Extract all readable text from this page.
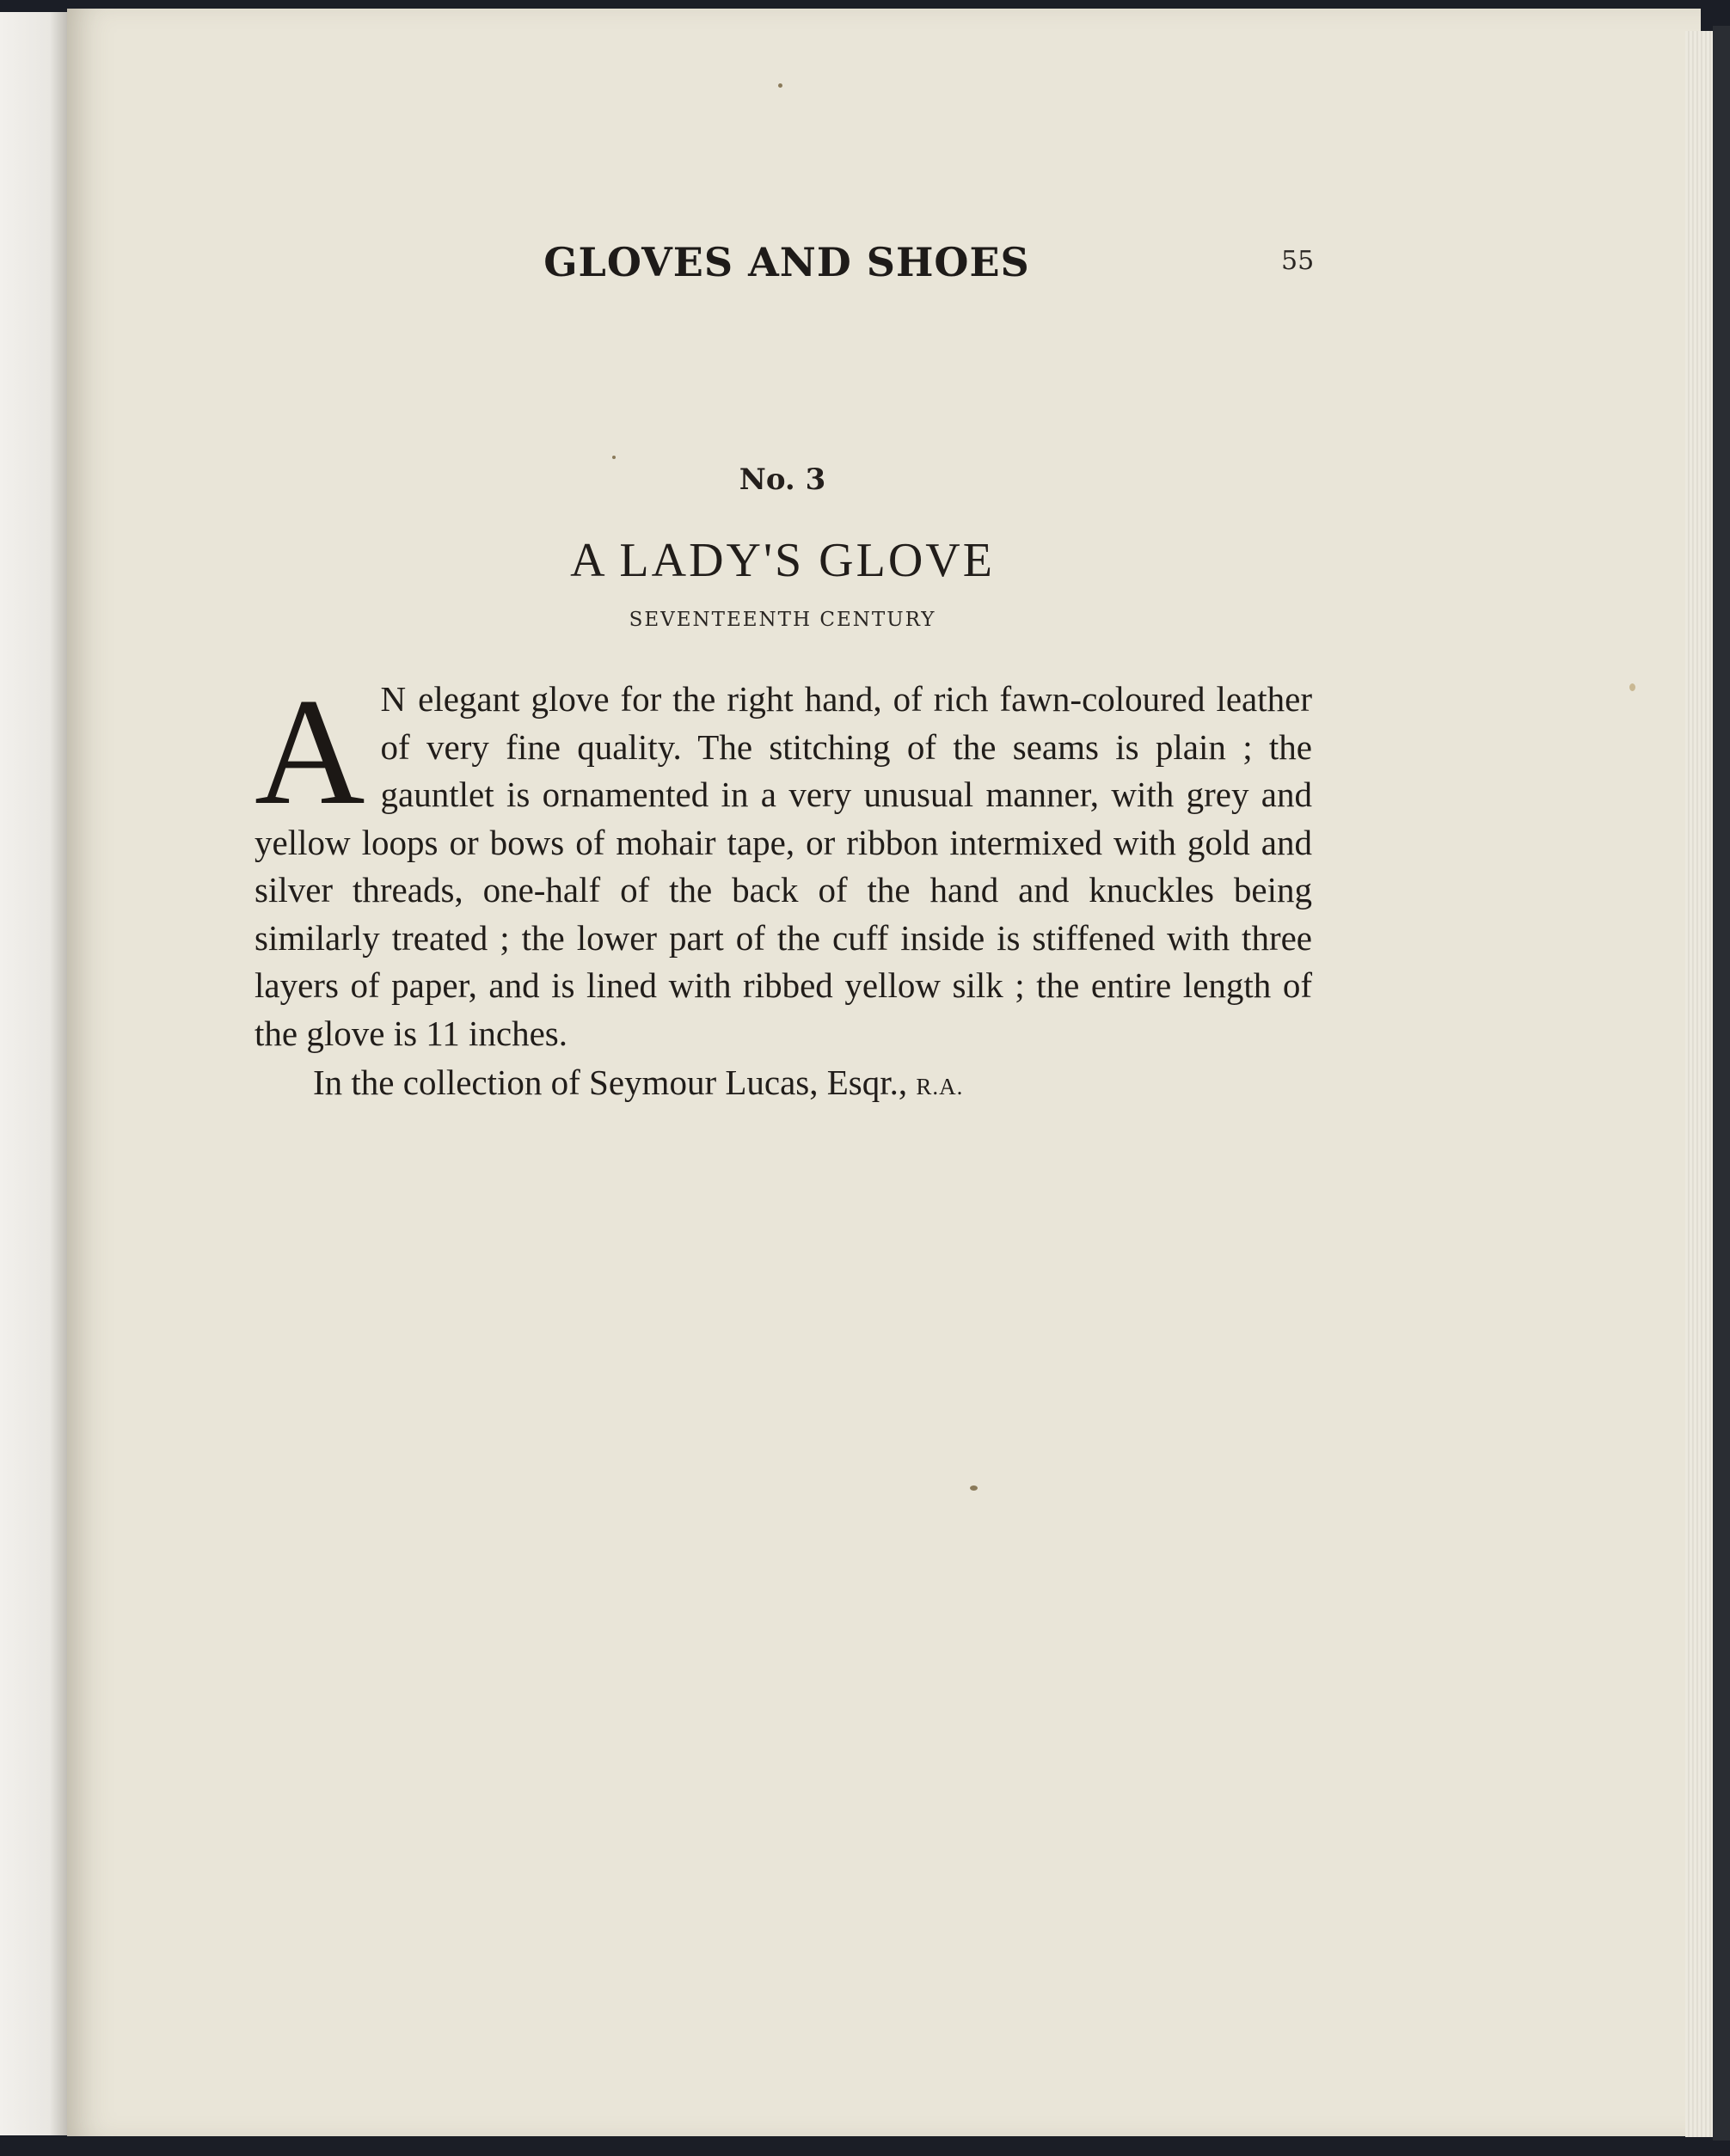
GLOVES AND SHOES	55
No. 3
A LADY'S GLOVE
SEVENTEENTH CENTURY
A N elegant glove for the right hand, of rich fawn-coloured leather of very fine quality. The stitching of the seams is plain ; the gauntlet is ornamented in a very unusual manner, with grey and yellow loops or bows of mohair tape, or ribbon intermixed with gold and silver threads, one-half of the back of the hand and knuckles being similarly treated ; the lower part of the cuff inside is stiffened with three layers of paper, and is lined with ribbed yellow silk ; the entire length of the glove is 11 inches.
In the collection of Seymour Lucas, Esqr., R.A.
